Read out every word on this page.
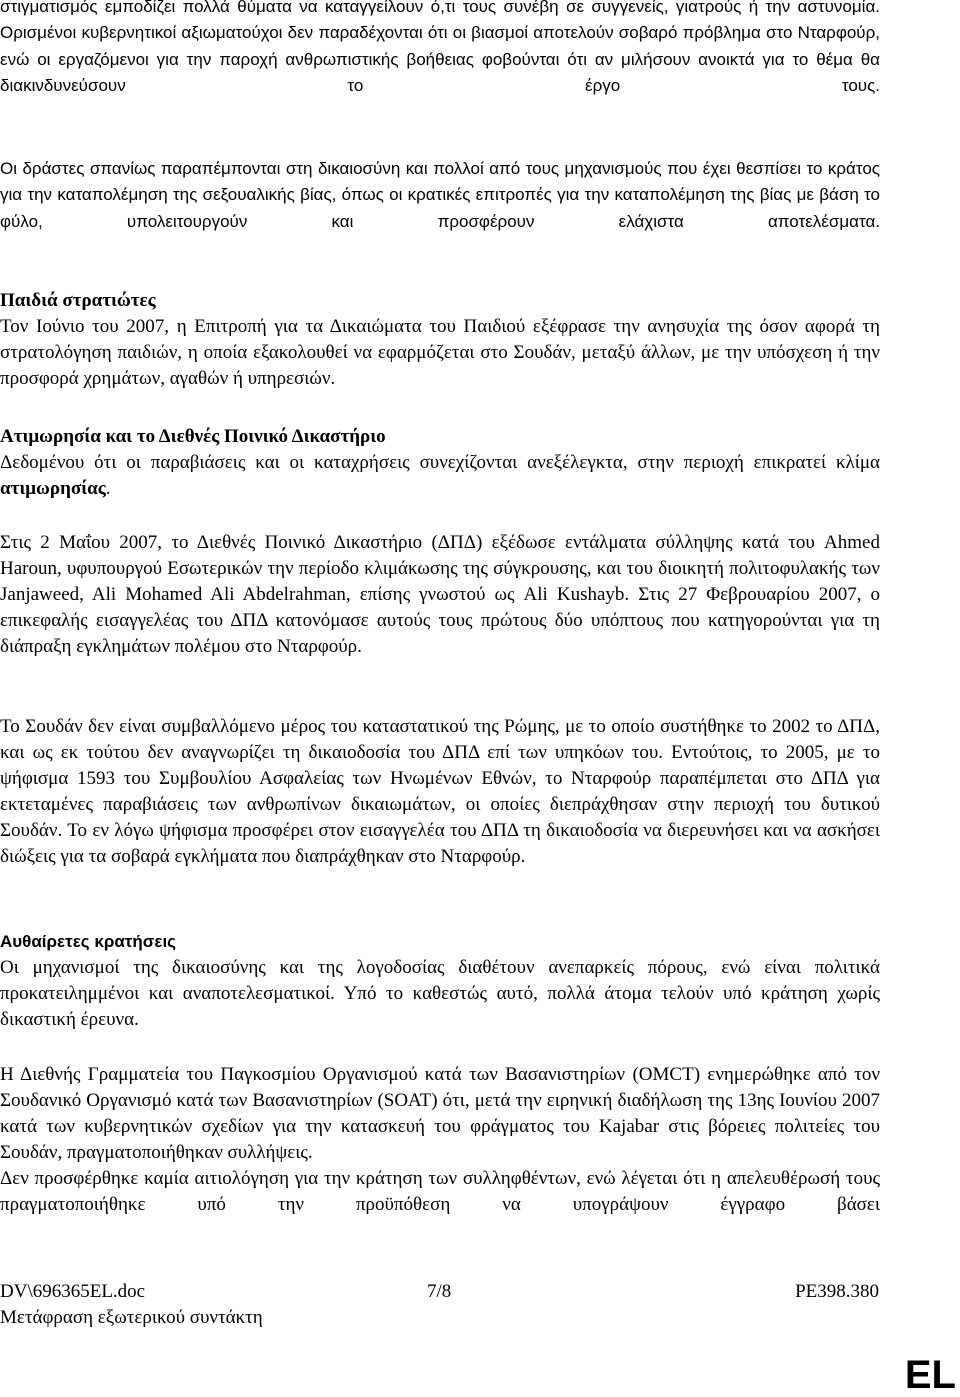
στιγματισμός εμποδίζει πολλά θύματα να καταγγείλουν ό,τι τους συνέβη σε συγγενείς, γιατρούς ή την αστυνομία. Ορισμένοι κυβερνητικοί αξιωματούχοι δεν παραδέχονται ότι οι βιασμοί αποτελούν σοβαρό πρόβλημα στο Νταρφούρ, ενώ οι εργαζόμενοι για την παροχή ανθρωπιστικής βοήθειας φοβούνται ότι αν μιλήσουν ανοικτά για το θέμα θα διακινδυνεύσουν το έργο τους.

Οι δράστες σπανίως παραπέμπονται στη δικαιοσύνη και πολλοί από τους μηχανισμούς που έχει θεσπίσει το κράτος για την καταπολέμηση της σεξουαλικής βίας, όπως οι κρατικές επιτροπές για την καταπολέμηση της βίας με βάση το φύλο, υπολειτουργούν και προσφέρουν ελάχιστα αποτελέσματα.

Παιδιά στρατιώτες

Τον Ιούνιο του 2007, η Επιτροπή για τα Δικαιώματα του Παιδιού εξέφρασε την ανησυχία της όσον αφορά τη στρατολόγηση παιδιών, η οποία εξακολουθεί να εφαρμόζεται στο Σουδάν, μεταξύ άλλων, με την υπόσχεση ή την προσφορά χρημάτων, αγαθών ή υπηρεσιών.

Ατιμωρησία και το Διεθνές Ποινικό Δικαστήριο

Δεδομένου ότι οι παραβιάσεις και οι καταχρήσεις συνεχίζονται ανεξέλεγκτα, στην περιοχή επικρατεί κλίμα ατιμωρησίας.

Στις 2 Μαΐου 2007, το Διεθνές Ποινικό Δικαστήριο (ΔΠΔ) εξέδωσε εντάλματα σύλληψης κατά του Ahmed Haroun, υφυπουργού Εσωτερικών την περίοδο κλιμάκωσης της σύγκρουσης, και του διοικητή πολιτοφυλακής των Janjaweed, Ali Mohamed Ali Abdelrahman, επίσης γνωστού ως Ali Kushayb. Στις 27 Φεβρουαρίου 2007, ο επικεφαλής εισαγγελέας του ΔΠΔ κατονόμασε αυτούς τους πρώτους δύο υπόπτους που κατηγορούνται για τη διάπραξη εγκλημάτων πολέμου στο Νταρφούρ.

Το Σουδάν δεν είναι συμβαλλόμενο μέρος του καταστατικού της Ρώμης, με το οποίο συστήθηκε το 2002 το ΔΠΔ, και ως εκ τούτου δεν αναγνωρίζει τη δικαιοδοσία του ΔΠΔ επί των υπηκόων του. Εντούτοις, το 2005, με το ψήφισμα 1593 του Συμβουλίου Ασφαλείας των Ηνωμένων Εθνών, το Νταρφούρ παραπέμπεται στο ΔΠΔ για εκτεταμένες παραβιάσεις των ανθρωπίνων δικαιωμάτων, οι οποίες διεπράχθησαν στην περιοχή του δυτικού Σουδάν. Το εν λόγω ψήφισμα προσφέρει στον εισαγγελέα του ΔΠΔ τη δικαιοδοσία να διερευνήσει και να ασκήσει διώξεις για τα σοβαρά εγκλήματα που διαπράχθηκαν στο Νταρφούρ.

Αυθαίρετες κρατήσεις

Οι μηχανισμοί της δικαιοσύνης και της λογοδοσίας διαθέτουν ανεπαρκείς πόρους, ενώ είναι πολιτικά προκατειλημμένοι και αναποτελεσματικοί. Υπό το καθεστώς αυτό, πολλά άτομα τελούν υπό κράτηση χωρίς δικαστική έρευνα.

Η Διεθνής Γραμματεία του Παγκοσμίου Οργανισμού κατά των Βασανιστηρίων (OMCT) ενημερώθηκε από τον Σουδανικό Οργανισμό κατά των Βασανιστηρίων (SOAT) ότι, μετά την ειρηνική διαδήλωση της 13ης Ιουνίου 2007 κατά των κυβερνητικών σχεδίων για την κατασκευή του φράγματος του Kajabar στις βόρειες πολιτείες του Σουδάν, πραγματοποιήθηκαν συλλήψεις.

Δεν προσφέρθηκε καμία αιτιολόγηση για την κράτηση των συλληφθέντων, ενώ λέγεται ότι η απελευθέρωσή τους πραγματοποιήθηκε υπό την προϋπόθεση να υπογράψουν έγγραφο βάσει

DV\696365EL.doc	7/8	PE398.380
Μετάφραση εξωτερικού συντάκτη
EL
